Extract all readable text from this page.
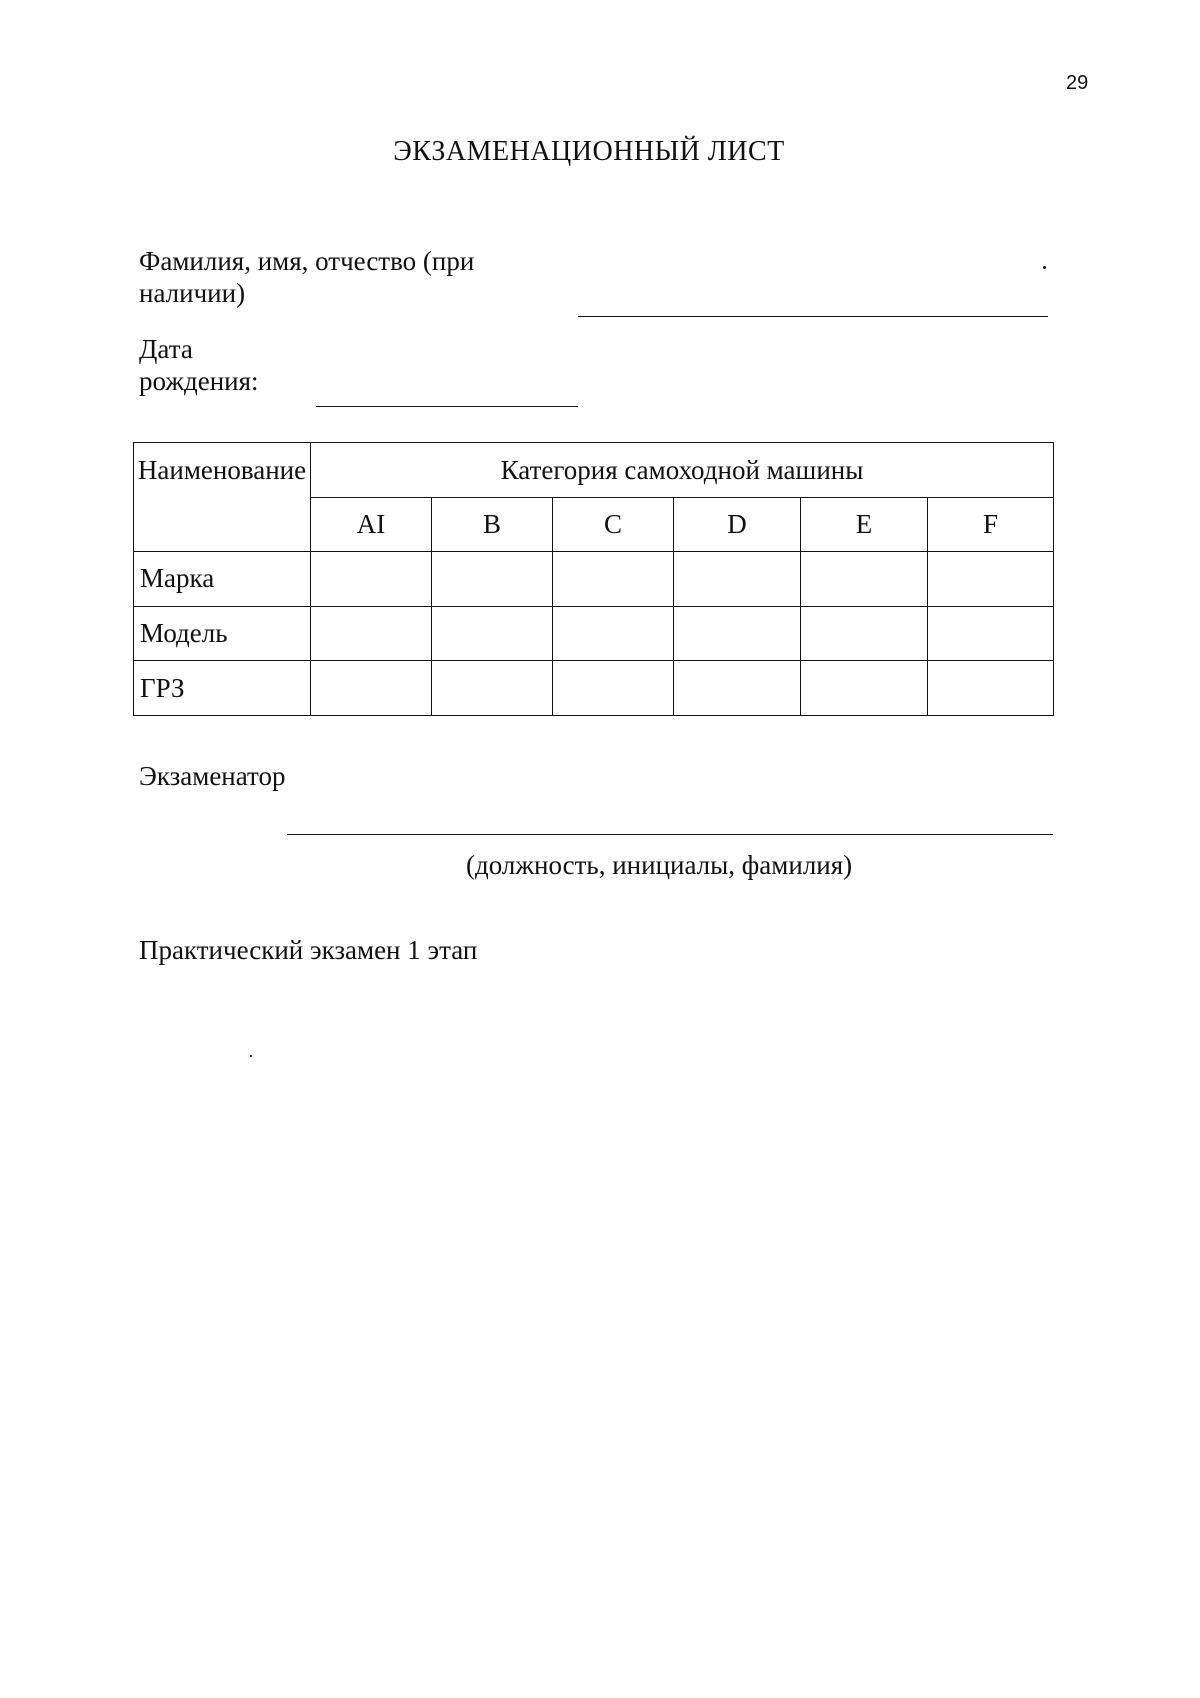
29
ЭКЗАМЕНАЦИОННЫЙ ЛИСТ
Фамилия, имя, отчество (при наличии)
Дата рождения:
Наименование	Категория самоходной машины					
	AI	B	C	D	E	F
Марка						
Модель						
ГРЗ						
Экзаменатор
(должность, инициалы, фамилия)
Практический экзамен 1 этап
